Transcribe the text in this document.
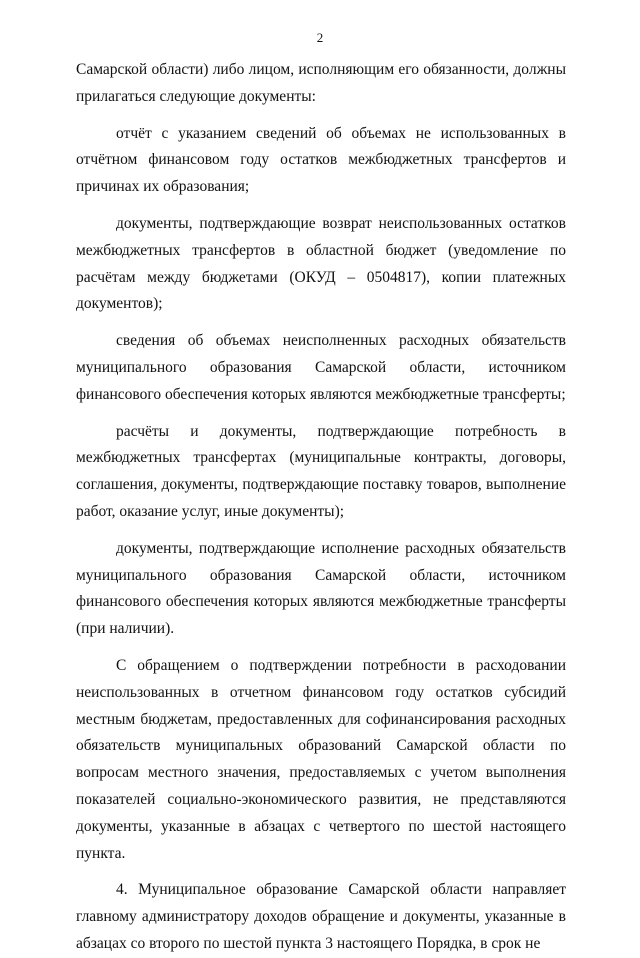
2

Самарской области) либо лицом, исполняющим его обязанности, должны прилагаться следующие документы:

отчёт с указанием сведений об объемах не использованных в отчётном финансовом году остатков межбюджетных трансфертов и причинах их образования;

документы, подтверждающие возврат неиспользованных остатков межбюджетных трансфертов в областной бюджет (уведомление по расчётам между бюджетами (ОКУД – 0504817), копии платежных документов);

сведения об объемах неисполненных расходных обязательств муниципального образования Самарской области, источником финансового обеспечения которых являются межбюджетные трансферты;

расчёты и документы, подтверждающие потребность в межбюджетных трансфертах (муниципальные контракты, договоры, соглашения, документы, подтверждающие поставку товаров, выполнение работ, оказание услуг, иные документы);

документы, подтверждающие исполнение расходных обязательств муниципального образования Самарской области, источником финансового обеспечения которых являются межбюджетные трансферты (при наличии).

С обращением о подтверждении потребности в расходовании неиспользованных в отчетном финансовом году остатков субсидий местным бюджетам, предоставленных для софинансирования расходных обязательств муниципальных образований Самарской области по вопросам местного значения, предоставляемых с учетом выполнения показателей социально-экономического развития, не представляются документы, указанные в абзацах с четвертого по шестой настоящего пункта.

4. Муниципальное образование Самарской области направляет главному администратору доходов обращение и документы, указанные в абзацах со второго по шестой пункта 3 настоящего Порядка, в срок не
